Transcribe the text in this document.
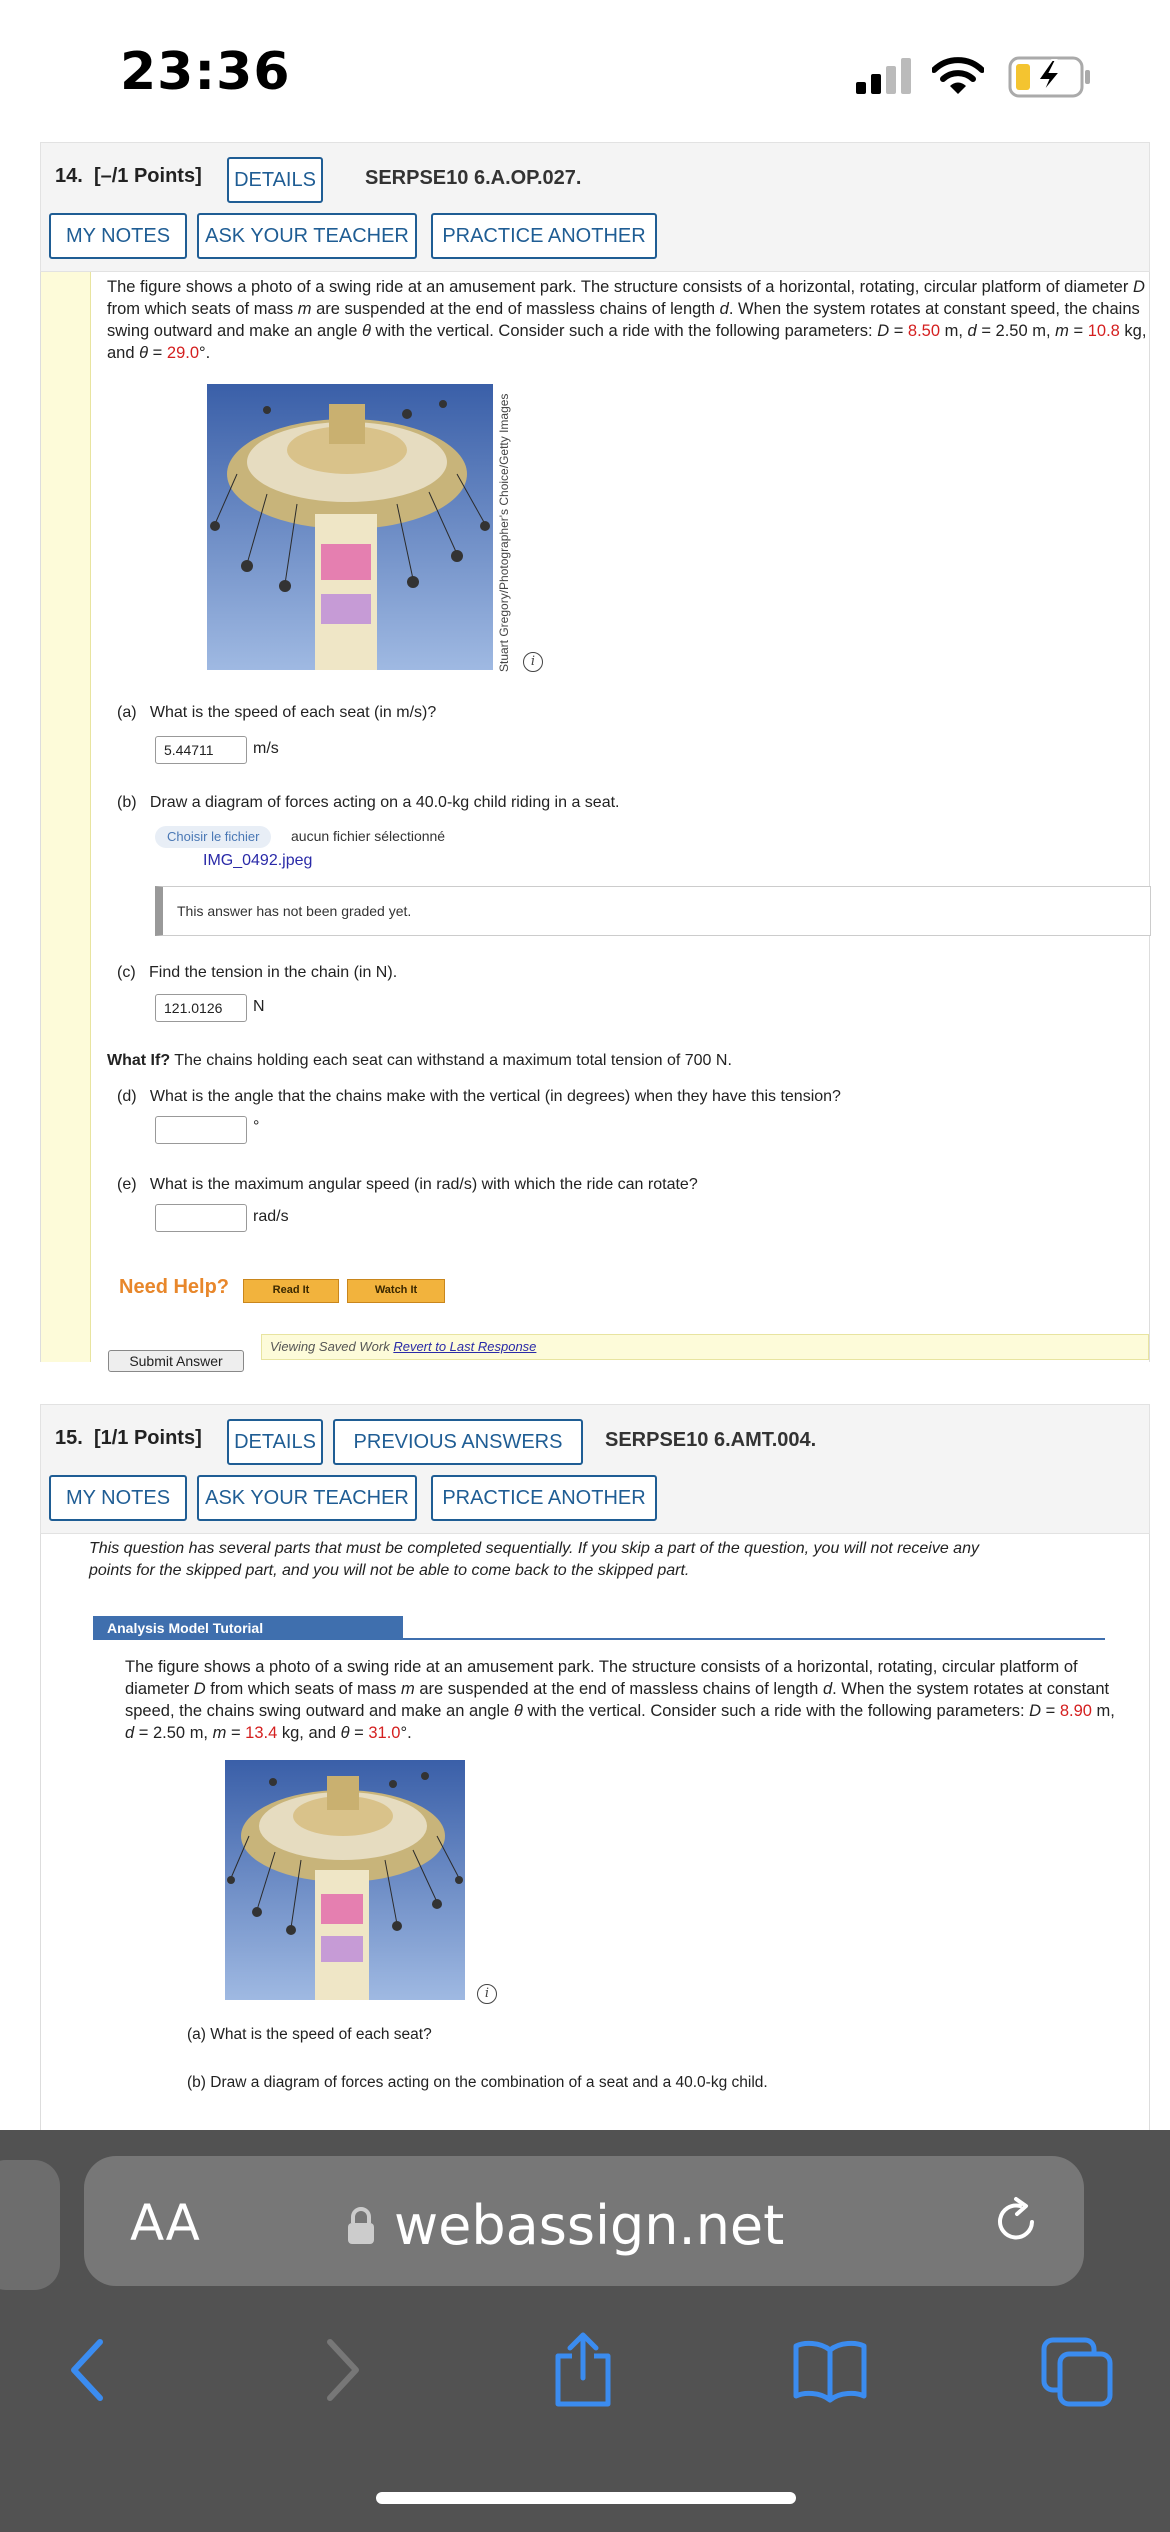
23:36
14. [–/1 Points]	DETAILS	SERPSE10 6.A.OP.027.
MY NOTES	ASK YOUR TEACHER	PRACTICE ANOTHER
The figure shows a photo of a swing ride at an amusement park. The structure consists of a horizontal, rotating, circular platform of diameter D from which seats of mass m are suspended at the end of massless chains of length d. When the system rotates at constant speed, the chains swing outward and make an angle θ with the vertical. Consider such a ride with the following parameters: D = 8.50 m, d = 2.50 m, m = 10.8 kg, and θ = 29.0°.
Stuart Gregory/Photographer's Choice/Getty Images	i
(a) What is the speed of each seat (in m/s)?
5.44711	m/s
(b) Draw a diagram of forces acting on a 40.0-kg child riding in a seat.
Choisir le fichier	aucun fichier sélectionné
IMG_0492.jpeg
This answer has not been graded yet.
(c) Find the tension in the chain (in N).
121.0126	N
What If? The chains holding each seat can withstand a maximum total tension of 700 N.
(d) What is the angle that the chains make with the vertical (in degrees) when they have this tension?
°
(e) What is the maximum angular speed (in rad/s) with which the ride can rotate?
rad/s
Need Help?	Read It	Watch It
Viewing Saved Work Revert to Last Response
Submit Answer
15. [1/1 Points]	DETAILS	PREVIOUS ANSWERS	SERPSE10 6.AMT.004.
MY NOTES	ASK YOUR TEACHER	PRACTICE ANOTHER
This question has several parts that must be completed sequentially. If you skip a part of the question, you will not receive any
points for the skipped part, and you will not be able to come back to the skipped part.
Analysis Model Tutorial
The figure shows a photo of a swing ride at an amusement park. The structure consists of a horizontal, rotating, circular platform of diameter D from which seats of mass m are suspended at the end of massless chains of length d. When the system rotates at constant speed, the chains swing outward and make an angle θ with the vertical. Consider such a ride with the following parameters: D = 8.90 m, d = 2.50 m, m = 13.4 kg, and θ = 31.0°.
i
(a) What is the speed of each seat?
(b) Draw a diagram of forces acting on the combination of a seat and a 40.0-kg child.
AA	webassign.net
